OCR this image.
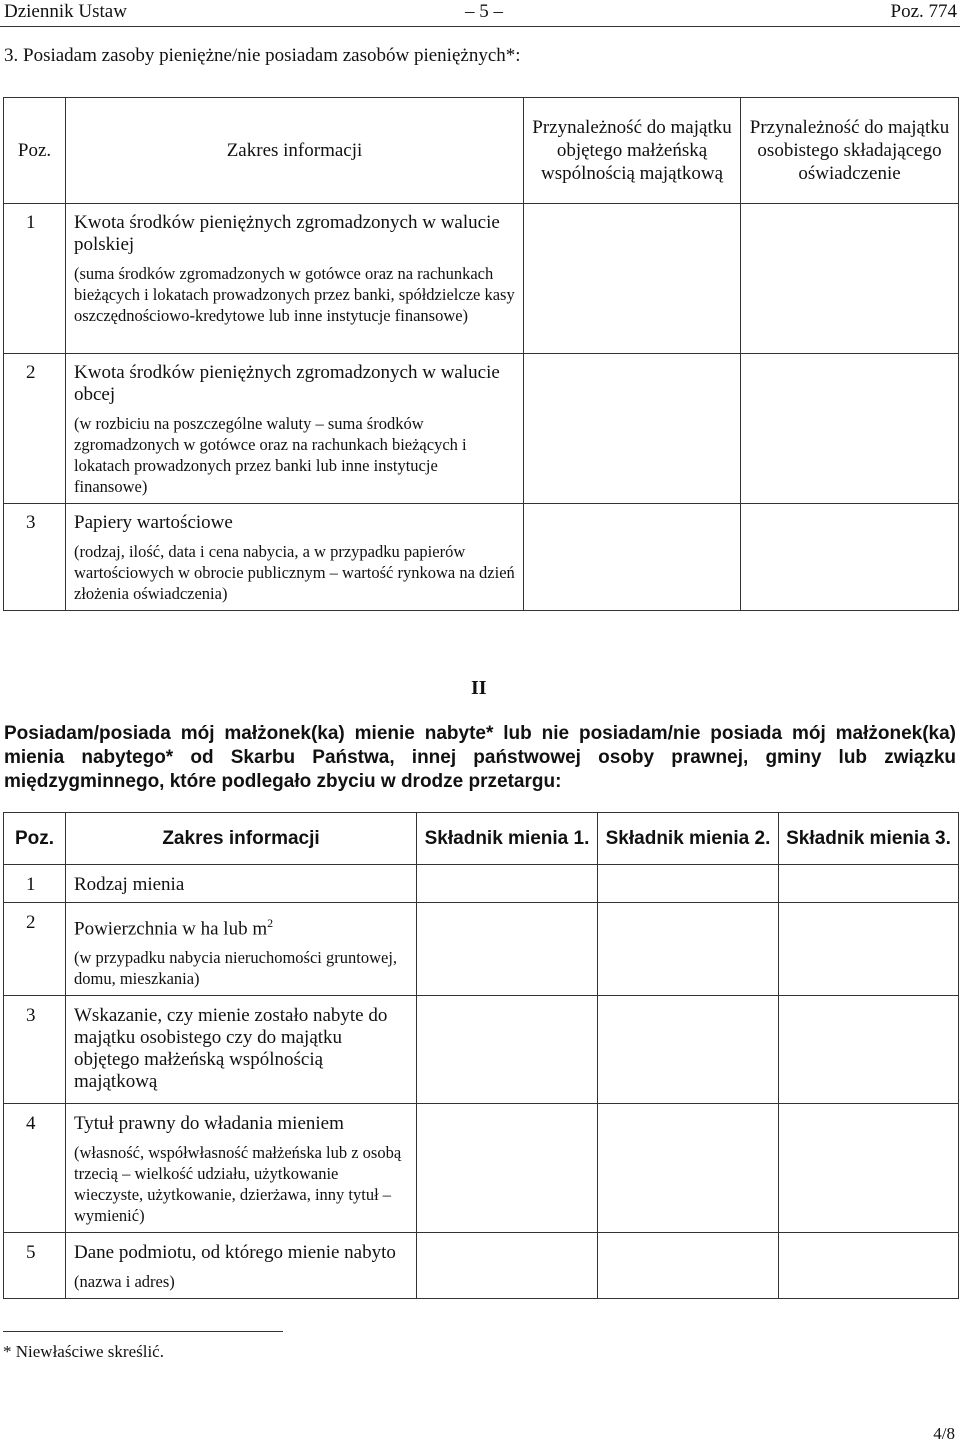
Dziennik Ustaw	– 5 –	Poz. 774
3. Posiadam zasoby pieniężne/nie posiadam zasobów pieniężnych*:
Poz.	Zakres informacji	Przynależność do majątku objętego małżeńską wspólnością majątkową	Przynależność do majątku osobistego składającego oświadczenie

1	Kwota środków pieniężnych zgromadzonych w walucie polskiej
(suma środków zgromadzonych w gotówce oraz na rachunkach bieżących i lokatach prowadzonych przez banki, spółdzielcze kasy oszczędnościowo-kredytowe lub inne instytucje finansowe)		

2	Kwota środków pieniężnych zgromadzonych w walucie obcej
(w rozbiciu na poszczególne waluty – suma środków zgromadzonych w gotówce oraz na rachunkach bieżących i lokatach prowadzonych przez banki lub inne instytucje finansowe)		

3	Papiery wartościowe
(rodzaj, ilość, data i cena nabycia, a w przypadku papierów wartościowych w obrocie publicznym – wartość rynkowa na dzień złożenia oświadczenia)		

II
Posiadam/posiada mój małżonek(ka) mienie nabyte* lub nie posiadam/nie posiada mój małżonek(ka) mienia nabytego* od Skarbu Państwa, innej państwowej osoby prawnej, gminy lub związku międzygminnego, które podlegało zbyciu w drodze przetargu:
Poz.	Zakres informacji	Składnik mienia 1.	Składnik mienia 2.	Składnik mienia 3.

1	Rodzaj mienia			

2	Powierzchnia w ha lub $m^2$
(w przypadku nabycia nieruchomości gruntowej, domu, mieszkania)			

3	Wskazanie, czy mienie zostało nabyte do majątku osobistego czy do majątku objętego małżeńską wspólnością majątkową			

4	Tytuł prawny do władania mieniem
(własność, współwłasność małżeńska lub z osobą trzecią – wielkość udziału, użytkowanie wieczyste, użytkowanie, dzierżawa, inny tytuł – wymienić)			

5	Dane podmiotu, od którego mienie nabyto
(nazwa i adres)			

* Niewłaściwe skreślić.
4/8
